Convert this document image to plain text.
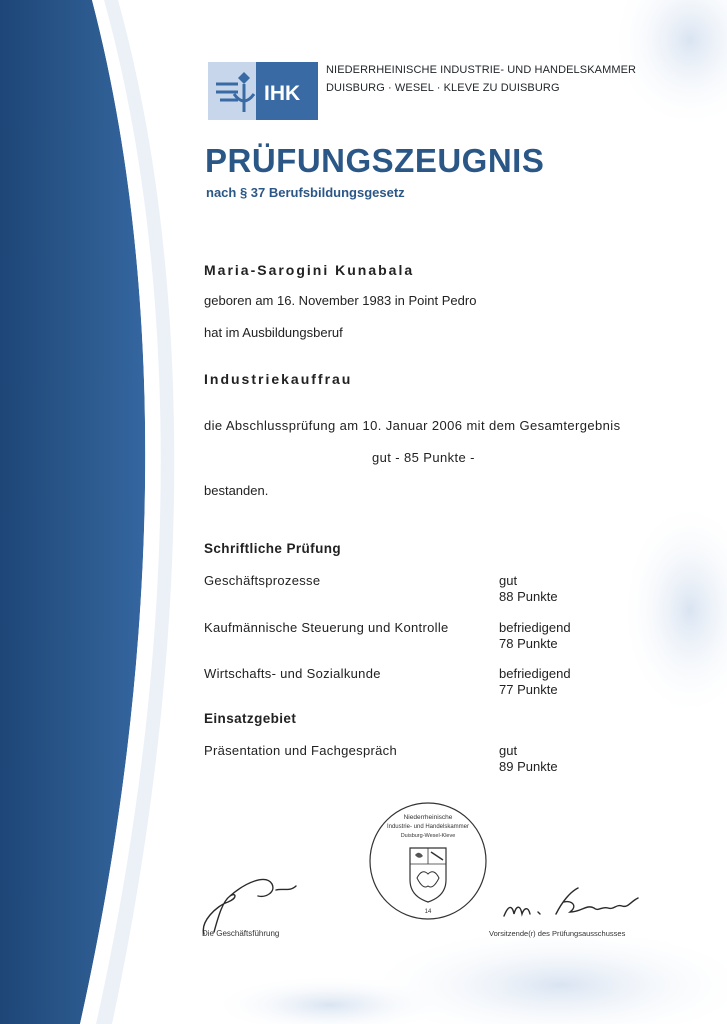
IHK
NIEDERRHEINISCHE INDUSTRIE- UND HANDELSKAMMER
DUISBURG · WESEL · KLEVE ZU DUISBURG
PRÜFUNGSZEUGNIS
nach § 37 Berufsbildungsgesetz
Maria-Sarogini Kunabala
geboren am 16. November 1983 in Point Pedro
hat im Ausbildungsberuf
Industriekauffrau
die Abschlussprüfung am 10. Januar 2006 mit dem Gesamtergebnis
gut - 85 Punkte -
bestanden.
Schriftliche Prüfung
Geschäftsprozesse	gut
88 Punkte
Kaufmännische Steuerung und Kontrolle	befriedigend
78 Punkte
Wirtschafts- und Sozialkunde	befriedigend
77 Punkte
Einsatzgebiet
Präsentation und Fachgespräch	gut
89 Punkte
Niederrheinische
Industrie- und Handelskammer
Duisburg-Wesel-Kleve
14
Die Geschäftsführung	Vorsitzende(r) des Prüfungsausschusses
